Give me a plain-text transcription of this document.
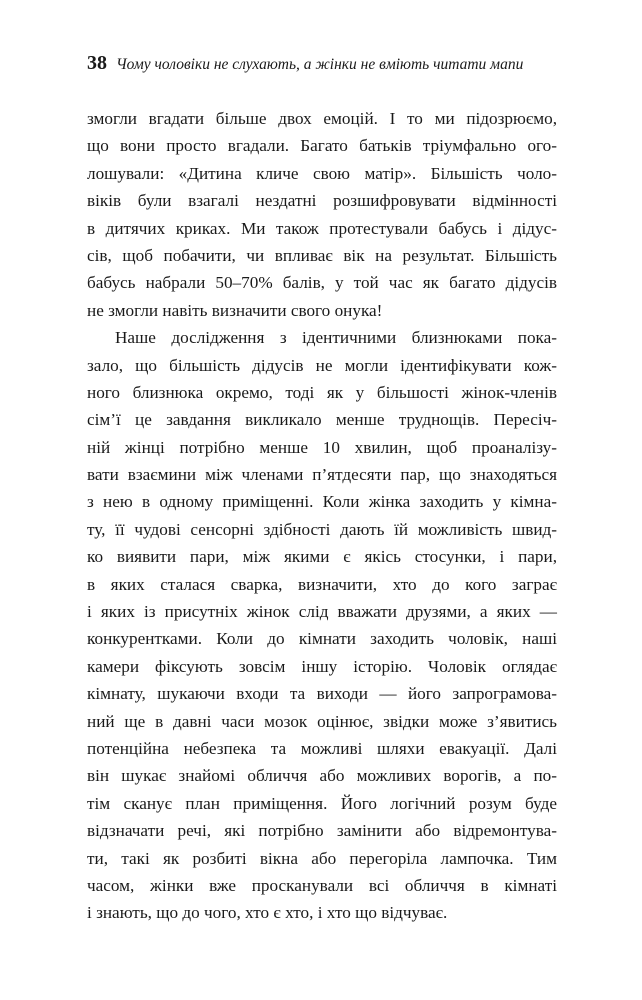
38 Чому чоловіки не слухають, а жінки не вміють читати мапи
змогли вгадати більше двох емоцій. І то ми підозрюємо,
що вони просто вгадали. Багато батьків тріумфально ого-
лошували: «Дитина кличе свою матір». Більшість чоло-
віків були взагалі нездатні розшифровувати відмінності
в дитячих криках. Ми також протестували бабусь і дідус-
сів, щоб побачити, чи впливає вік на результат. Більшість
бабусь набрали 50–70% балів, у той час як багато дідусів
не змогли навіть визначити свого онука!
Наше дослідження з ідентичними близнюками пока-
зало, що більшість дідусів не могли ідентифікувати кож-
ного близнюка окремо, тоді як у більшості жінок-членів
сім’ї це завдання викликало менше труднощів. Пересіч-
ній жінці потрібно менше 10 хвилин, щоб проаналізу-
вати взаємини між членами п’ятдесяти пар, що знаходяться
з нею в одному приміщенні. Коли жінка заходить у кімна-
ту, її чудові сенсорні здібності дають їй можливість швид-
ко виявити пари, між якими є якісь стосунки, і пари,
в яких сталася сварка, визначити, хто до кого заграє
і яких із присутніх жінок слід вважати друзями, а яких —
конкурентками. Коли до кімнати заходить чоловік, наші
камери фіксують зовсім іншу історію. Чоловік оглядає
кімнату, шукаючи входи та виходи — його запрограмова-
ний ще в давні часи мозок оцінює, звідки може з’явитись
потенційна небезпека та можливі шляхи евакуації. Далі
він шукає знайомі обличчя або можливих ворогів, а по-
тім сканує план приміщення. Його логічний розум буде
відзначати речі, які потрібно замінити або відремонтува-
ти, такі як розбиті вікна або перегоріла лампочка. Тим
часом, жінки вже просканували всі обличчя в кімнаті
і знають, що до чого, хто є хто, і хто що відчуває.
